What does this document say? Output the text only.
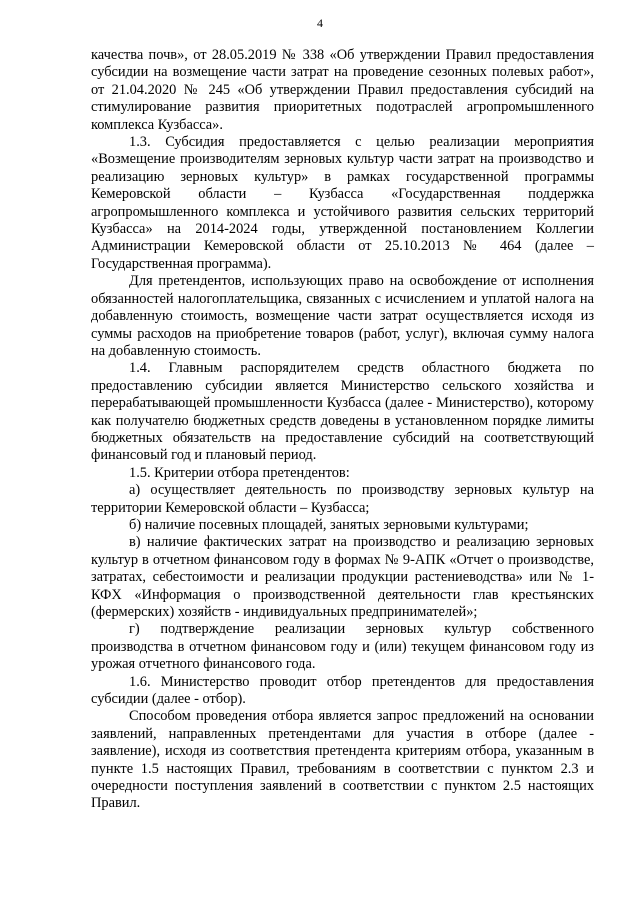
4

качества почв», от 28.05.2019 № 338 «Об утверждении Правил предоставления субсидии на возмещение части затрат на проведение сезонных полевых работ», от 21.04.2020 № 245 «Об утверждении Правил предоставления субсидий на стимулирование развития приоритетных подотраслей агропромышленного комплекса Кузбасса».

1.3. Субсидия предоставляется с целью реализации мероприятия «Возмещение производителям зерновых культур части затрат на производство и реализацию зерновых культур» в рамках государственной программы Кемеровской области – Кузбасса «Государственная поддержка агропромышленного комплекса и устойчивого развития сельских территорий Кузбасса» на 2014-2024 годы, утвержденной постановлением Коллегии Администрации Кемеровской области от 25.10.2013 № 464 (далее – Государственная программа).

Для претендентов, использующих право на освобождение от исполнения обязанностей налогоплательщика, связанных с исчислением и уплатой налога на добавленную стоимость, возмещение части затрат осуществляется исходя из суммы расходов на приобретение товаров (работ, услуг), включая сумму налога на добавленную стоимость.

1.4. Главным распорядителем средств областного бюджета по предоставлению субсидии является Министерство сельского хозяйства и перерабатывающей промышленности Кузбасса (далее - Министерство), которому как получателю бюджетных средств доведены в установленном порядке лимиты бюджетных обязательств на предоставление субсидий на соответствующий финансовый год и плановый период.

1.5. Критерии отбора претендентов:

а) осуществляет деятельность по производству зерновых культур на территории Кемеровской области – Кузбасса;

б) наличие посевных площадей, занятых зерновыми культурами;

в) наличие фактических затрат на производство и реализацию зерновых культур в отчетном финансовом году в формах № 9-АПК «Отчет о производстве, затратах, себестоимости и реализации продукции растениеводства» или № 1-КФХ «Информация о производственной деятельности глав крестьянских (фермерских) хозяйств - индивидуальных предпринимателей»;

г) подтверждение реализации зерновых культур собственного производства в отчетном финансовом году и (или) текущем финансовом году из урожая отчетного финансового года.

1.6. Министерство проводит отбор претендентов для предоставления субсидии (далее - отбор).

Способом проведения отбора является запрос предложений на основании заявлений, направленных претендентами для участия в отборе (далее - заявление), исходя из соответствия претендента критериям отбора, указанным в пункте 1.5 настоящих Правил, требованиям в соответствии с пунктом 2.3 и очередности поступления заявлений в соответствии с пунктом 2.5 настоящих Правил.
